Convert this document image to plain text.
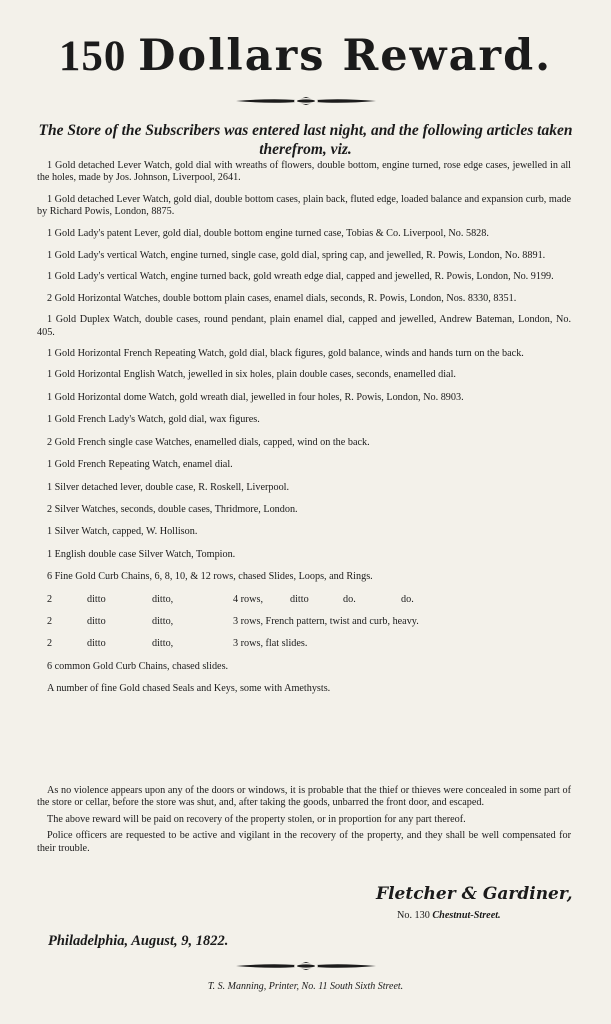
150 Dollars Reward.
The Store of the Subscribers was entered last night, and the following articles taken therefrom, viz.

1 Gold detached Lever Watch, gold dial with wreaths of flowers, double bottom, engine turned, rose edge cases, jewelled in all the holes, made by Jos. Johnson, Liverpool, 2641.

1 Gold detached Lever Watch, gold dial, double bottom cases, plain back, fluted edge, loaded balance and expansion curb, made by Richard Powis, London, 8875.

1 Gold Lady's patent Lever, gold dial, double bottom engine turned case, Tobias & Co. Liverpool, No. 5828.

1 Gold Lady's vertical Watch, engine turned, single case, gold dial, spring cap, and jewelled, R. Powis, London, No. 8891.

1 Gold Lady's vertical Watch, engine turned back, gold wreath edge dial, capped and jewelled, R. Powis, London, No. 9199.

2 Gold Horizontal Watches, double bottom plain cases, enamel dials, seconds, R. Powis, London, Nos. 8330, 8351.

1 Gold Duplex Watch, double cases, round pendant, plain enamel dial, capped and jewelled, Andrew Bateman, London, No. 405.

1 Gold Horizontal French Repeating Watch, gold dial, black figures, gold balance, winds and hands turn on the back.

1 Gold Horizontal English Watch, jewelled in six holes, plain double cases, seconds, enamelled dial.

1 Gold Horizontal dome Watch, gold wreath dial, jewelled in four holes, R. Powis, London, No. 8903.

1 Gold French Lady's Watch, gold dial, wax figures.

2 Gold French single case Watches, enamelled dials, capped, wind on the back.

1 Gold French Repeating Watch, enamel dial.

1 Silver detached lever, double case, R. Roskell, Liverpool.

2 Silver Watches, seconds, double cases, Thridmore, London.

1 Silver Watch, capped, W. Hollison.

1 English double case Silver Watch, Tompion.

6 Fine Gold Curb Chains, 6, 8, 10, & 12 rows, chased Slides, Loops, and Rings.

2	ditto	ditto,	4 rows,	ditto	do.	do.
2	ditto	ditto,	3 rows, French pattern, twist and curb, heavy.
2	ditto	ditto,	3 rows, flat slides.

6 common Gold Curb Chains, chased slides.

A number of fine Gold chased Seals and Keys, some with Amethysts.

As no violence appears upon any of the doors or windows, it is probable that the thief or thieves were concealed in some part of the store or cellar, before the store was shut, and, after taking the goods, unbarred the front door, and escaped.

The above reward will be paid on recovery of the property stolen, or in proportion for any part thereof.

Police officers are requested to be active and vigilant in the recovery of the property, and they shall be well compensated for their trouble.

Fletcher & Gardiner,
No. 130 Chestnut-Street.
Philadelphia, August, 9, 1822.
T. S. Manning, Printer, No. 11 South Sixth Street.
